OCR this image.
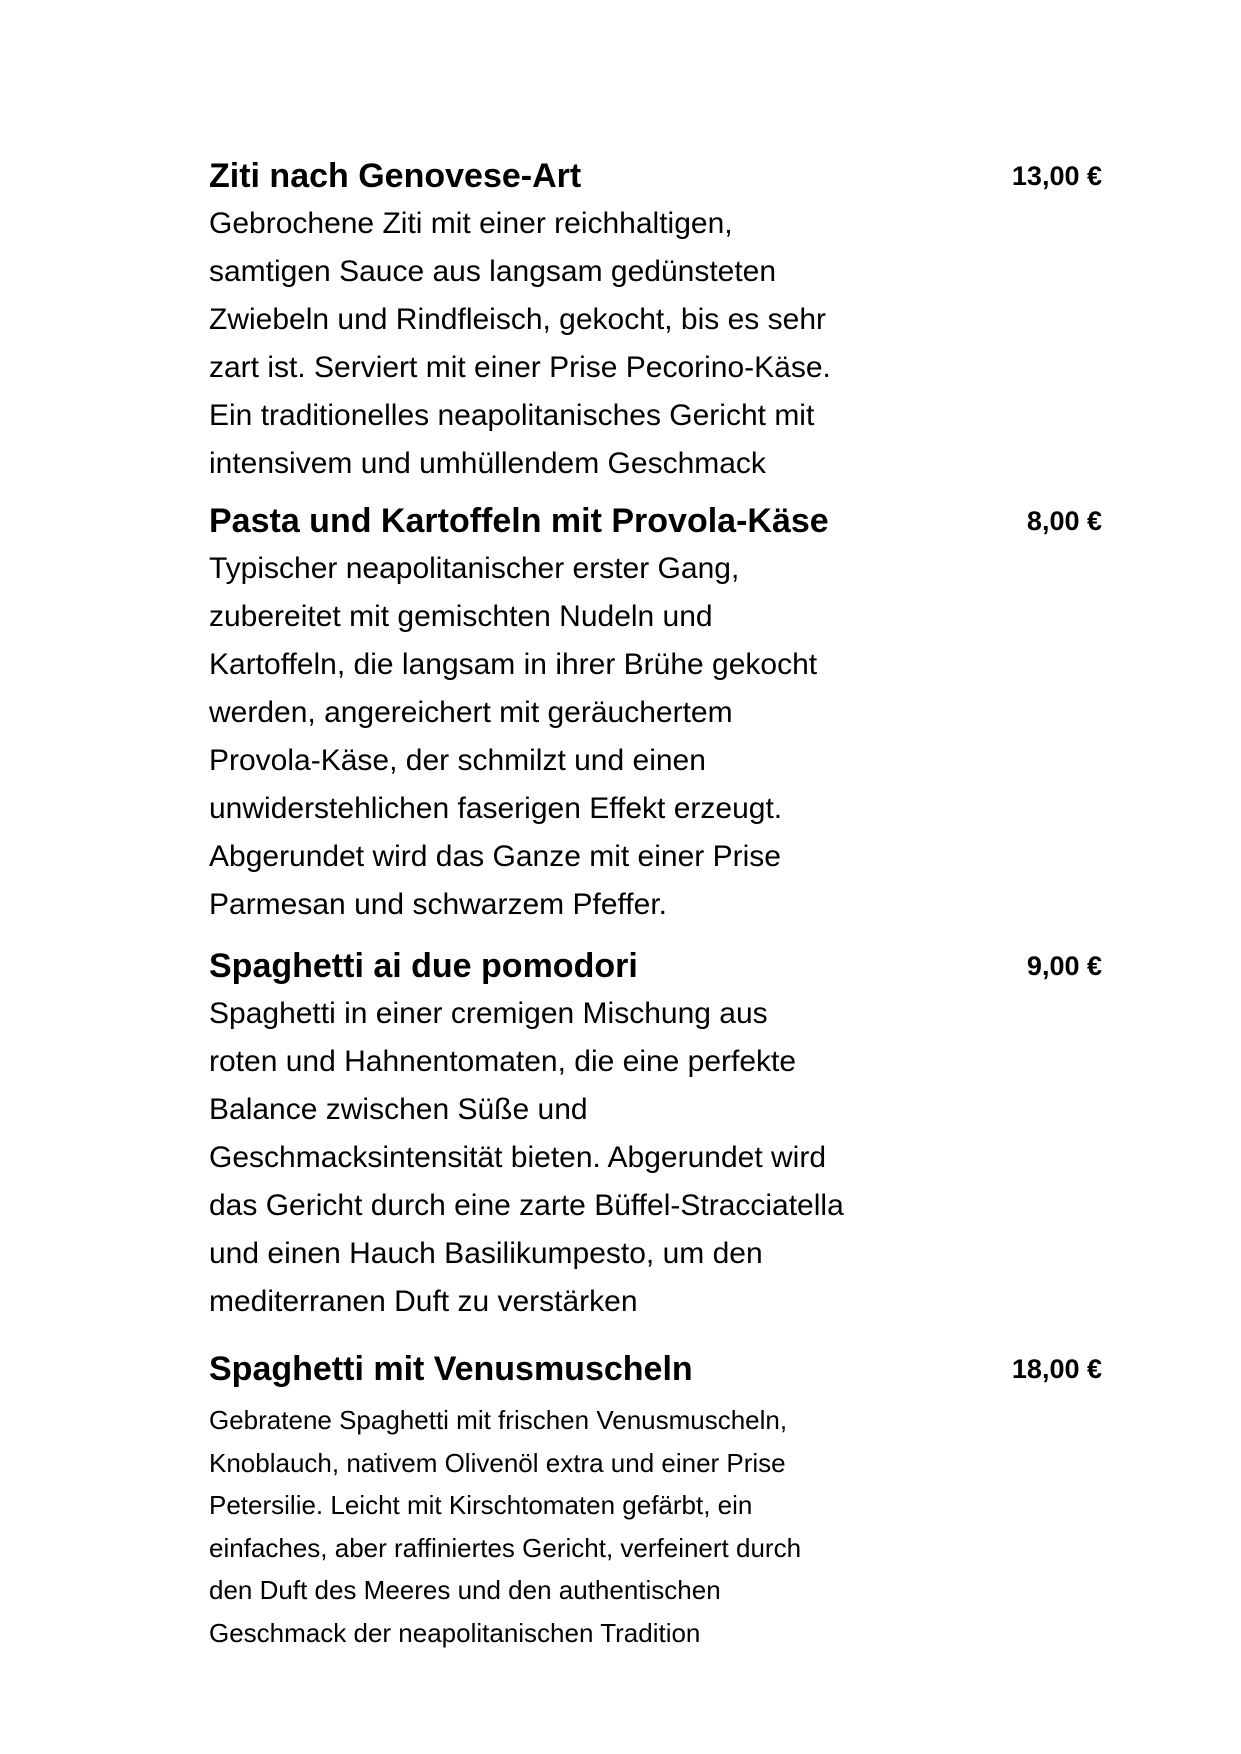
Ziti nach Genovese-Art	13,00 €

Gebrochene Ziti mit einer reichhaltigen,
samtigen Sauce aus langsam gedünsteten
Zwiebeln und Rindfleisch, gekocht, bis es sehr
zart ist. Serviert mit einer Prise Pecorino-Käse.
Ein traditionelles neapolitanisches Gericht mit
intensivem und umhüllendem Geschmack

Pasta und Kartoffeln mit Provola-Käse	8,00 €

Typischer neapolitanischer erster Gang,
zubereitet mit gemischten Nudeln und
Kartoffeln, die langsam in ihrer Brühe gekocht
werden, angereichert mit geräuchertem
Provola-Käse, der schmilzt und einen
unwiderstehlichen faserigen Effekt erzeugt.
Abgerundet wird das Ganze mit einer Prise
Parmesan und schwarzem Pfeffer.

Spaghetti ai due pomodori	9,00 €

Spaghetti in einer cremigen Mischung aus
roten und Hahnentomaten, die eine perfekte
Balance zwischen Süße und
Geschmacksintensität bieten. Abgerundet wird
das Gericht durch eine zarte Büffel-Stracciatella
und einen Hauch Basilikumpesto, um den
mediterranen Duft zu verstärken

Spaghetti mit Venusmuscheln	18,00 €

Gebratene Spaghetti mit frischen Venusmuscheln,
Knoblauch, nativem Olivenöl extra und einer Prise
Petersilie. Leicht mit Kirschtomaten gefärbt, ein
einfaches, aber raffiniertes Gericht, verfeinert durch
den Duft des Meeres und den authentischen
Geschmack der neapolitanischen Tradition
